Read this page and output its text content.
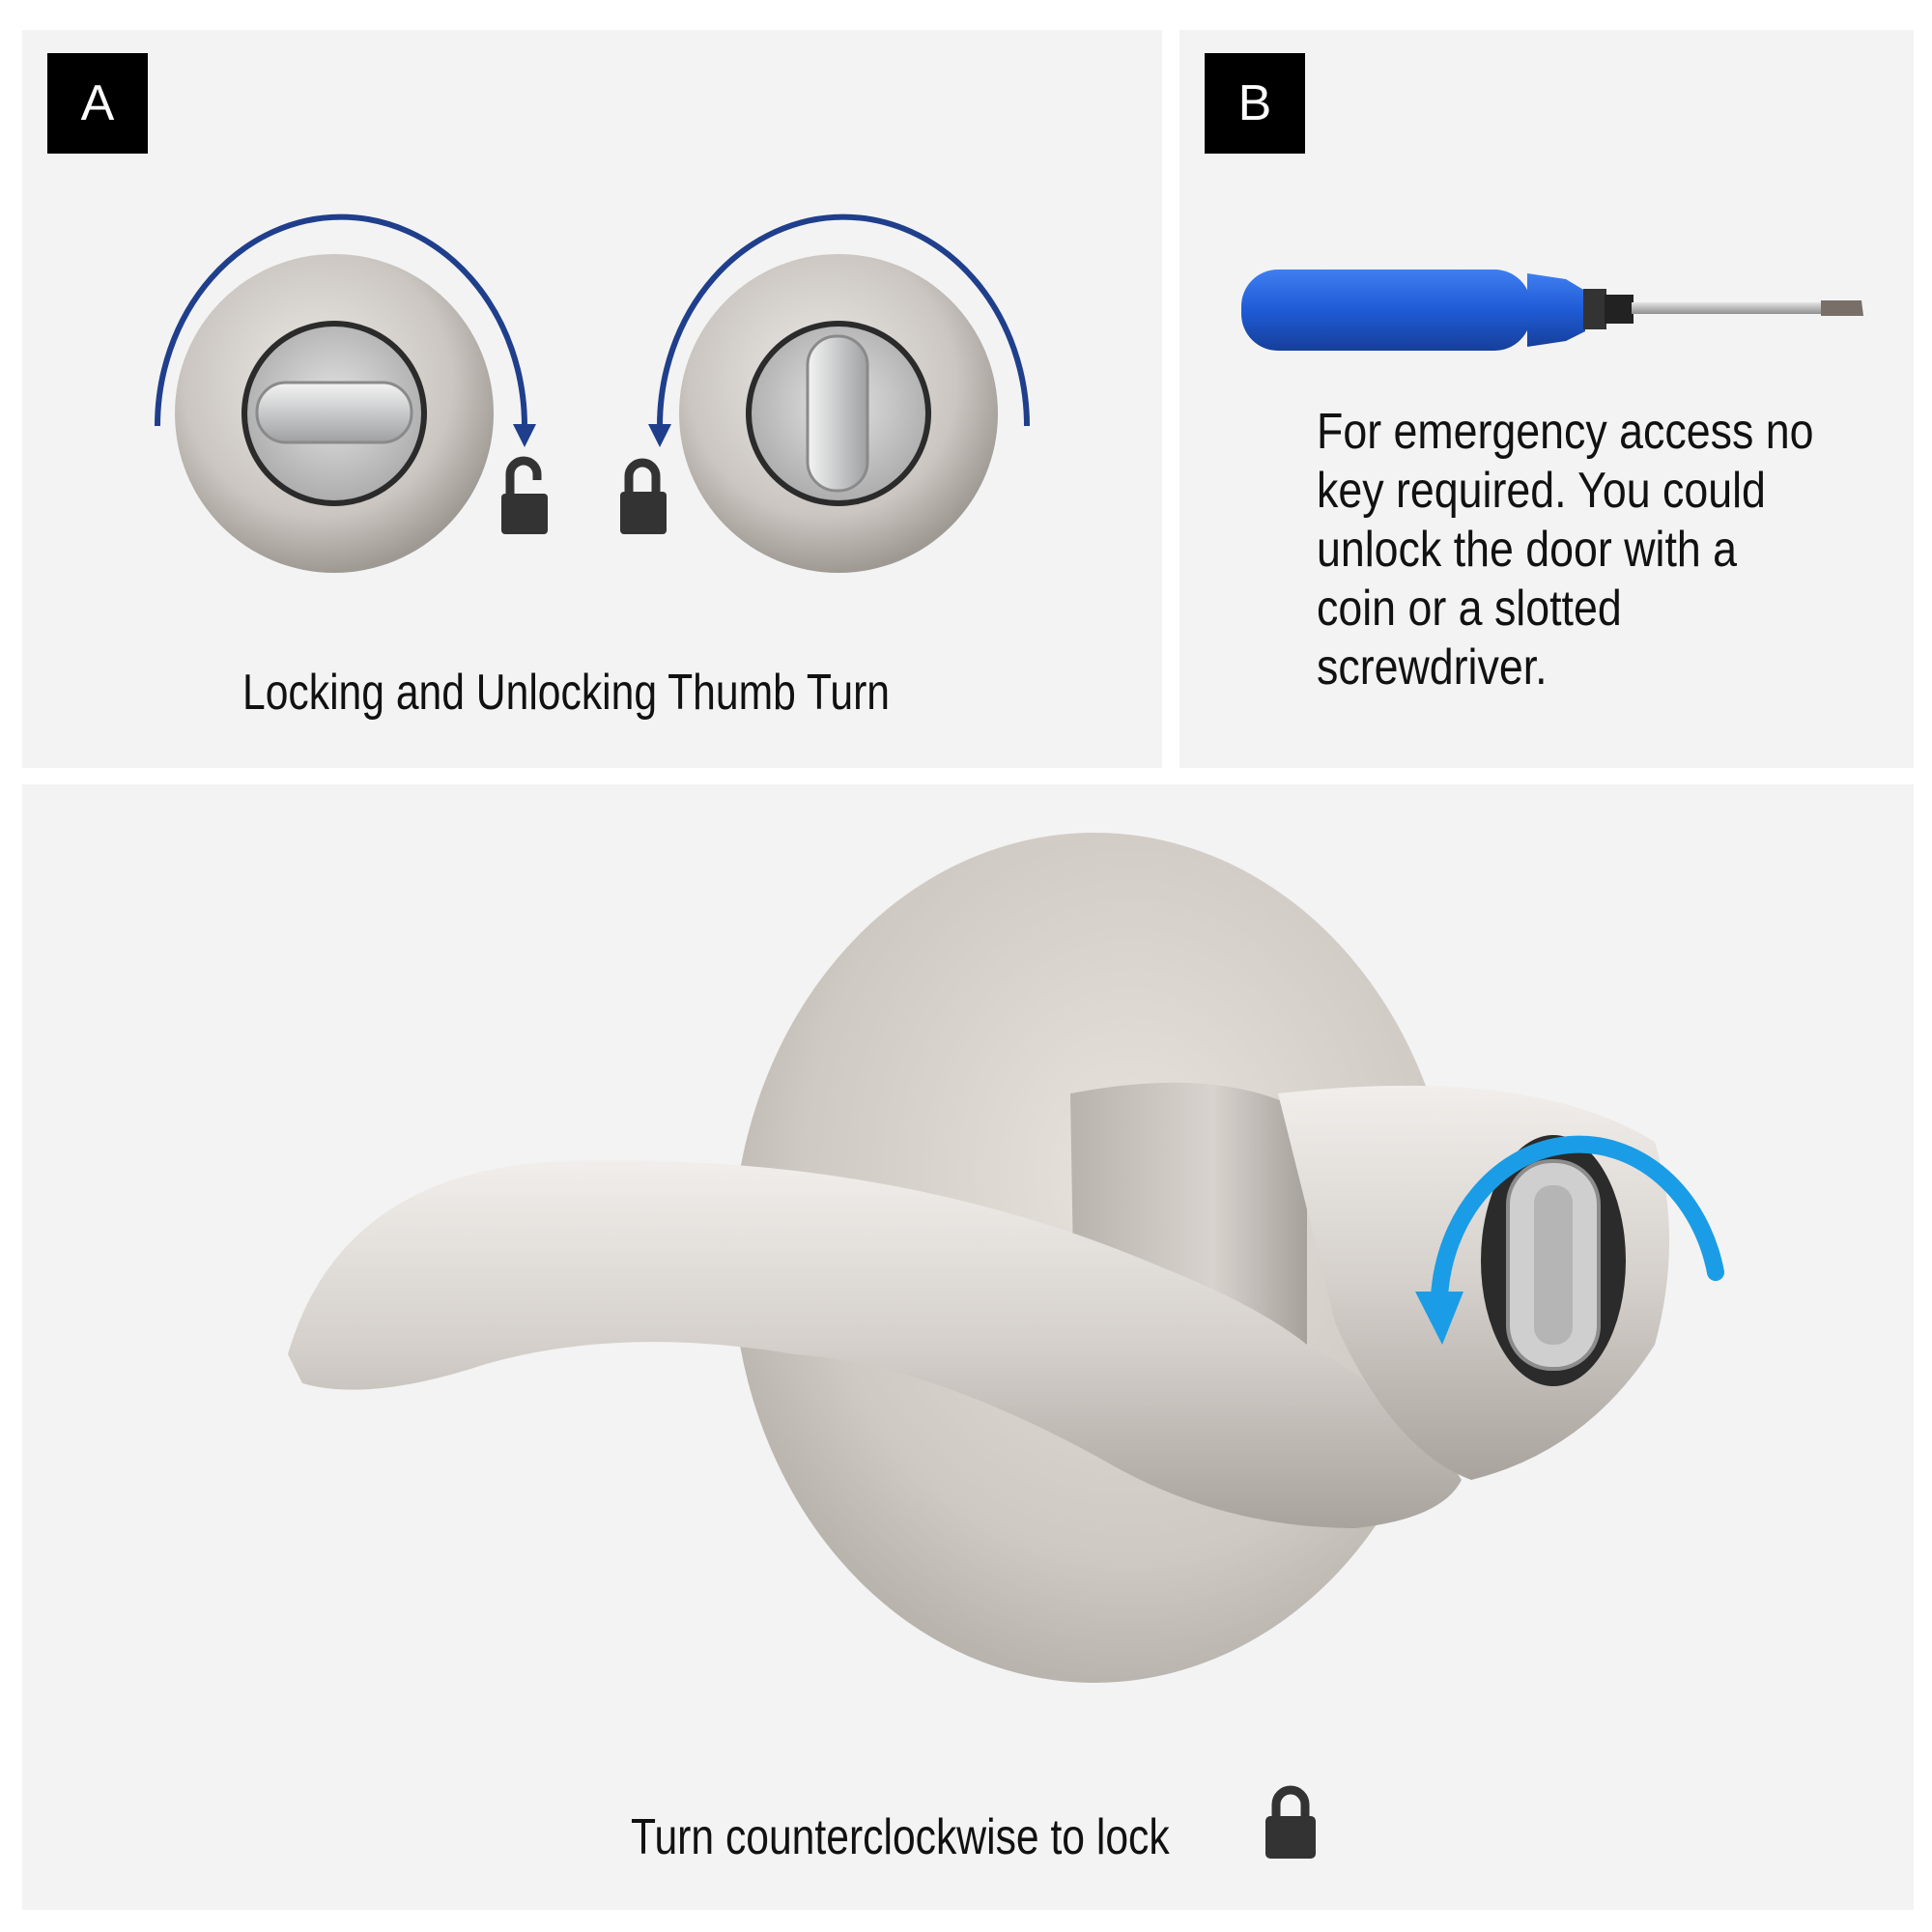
A
Locking and Unlocking Thumb Turn
B
For emergency access no key required. You could unlock the door with a coin or a slotted screwdriver.
Turn counterclockwise to lock
